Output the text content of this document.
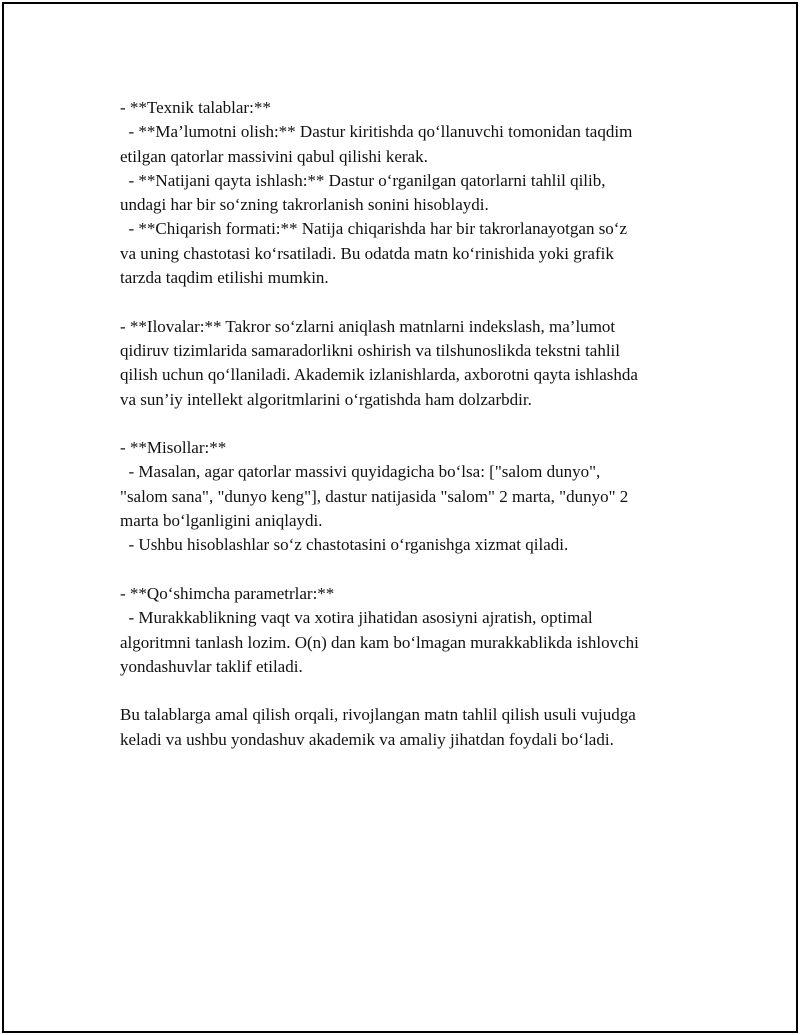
- **Texnik talablar:**
- **Ma’lumotni olish:** Dastur kiritishda qo‘llanuvchi tomonidan taqdim
etilgan qatorlar massivini qabul qilishi kerak.
- **Natijani qayta ishlash:** Dastur o‘rganilgan qatorlarni tahlil qilib,
undagi har bir so‘zning takrorlanish sonini hisoblaydi.
- **Chiqarish formati:** Natija chiqarishda har bir takrorlanayotgan so‘z
va uning chastotasi ko‘rsatiladi. Bu odatda matn ko‘rinishida yoki grafik
tarzda taqdim etilishi mumkin.
- **Ilovalar:** Takror so‘zlarni aniqlash matnlarni indekslash, ma’lumot
qidiruv tizimlarida samaradorlikni oshirish va tilshunoslikda tekstni tahlil
qilish uchun qo‘llaniladi. Akademik izlanishlarda, axborotni qayta ishlashda
va sun’iy intellekt algoritmlarini o‘rgatishda ham dolzarbdir.
- **Misollar:**
- Masalan, agar qatorlar massivi quyidagicha bo‘lsa: ["salom dunyo",
"salom sana", "dunyo keng"], dastur natijasida "salom" 2 marta, "dunyo" 2
marta bo‘lganligini aniqlaydi.
- Ushbu hisoblashlar so‘z chastotasini o‘rganishga xizmat qiladi.
- **Qo‘shimcha parametrlar:**
- Murakkablikning vaqt va xotira jihatidan asosiyni ajratish, optimal
algoritmni tanlash lozim. O(n) dan kam bo‘lmagan murakkablikda ishlovchi
yondashuvlar taklif etiladi.
Bu talablarga amal qilish orqali, rivojlangan matn tahlil qilish usuli vujudga
keladi va ushbu yondashuv akademik va amaliy jihatdan foydali bo‘ladi.
